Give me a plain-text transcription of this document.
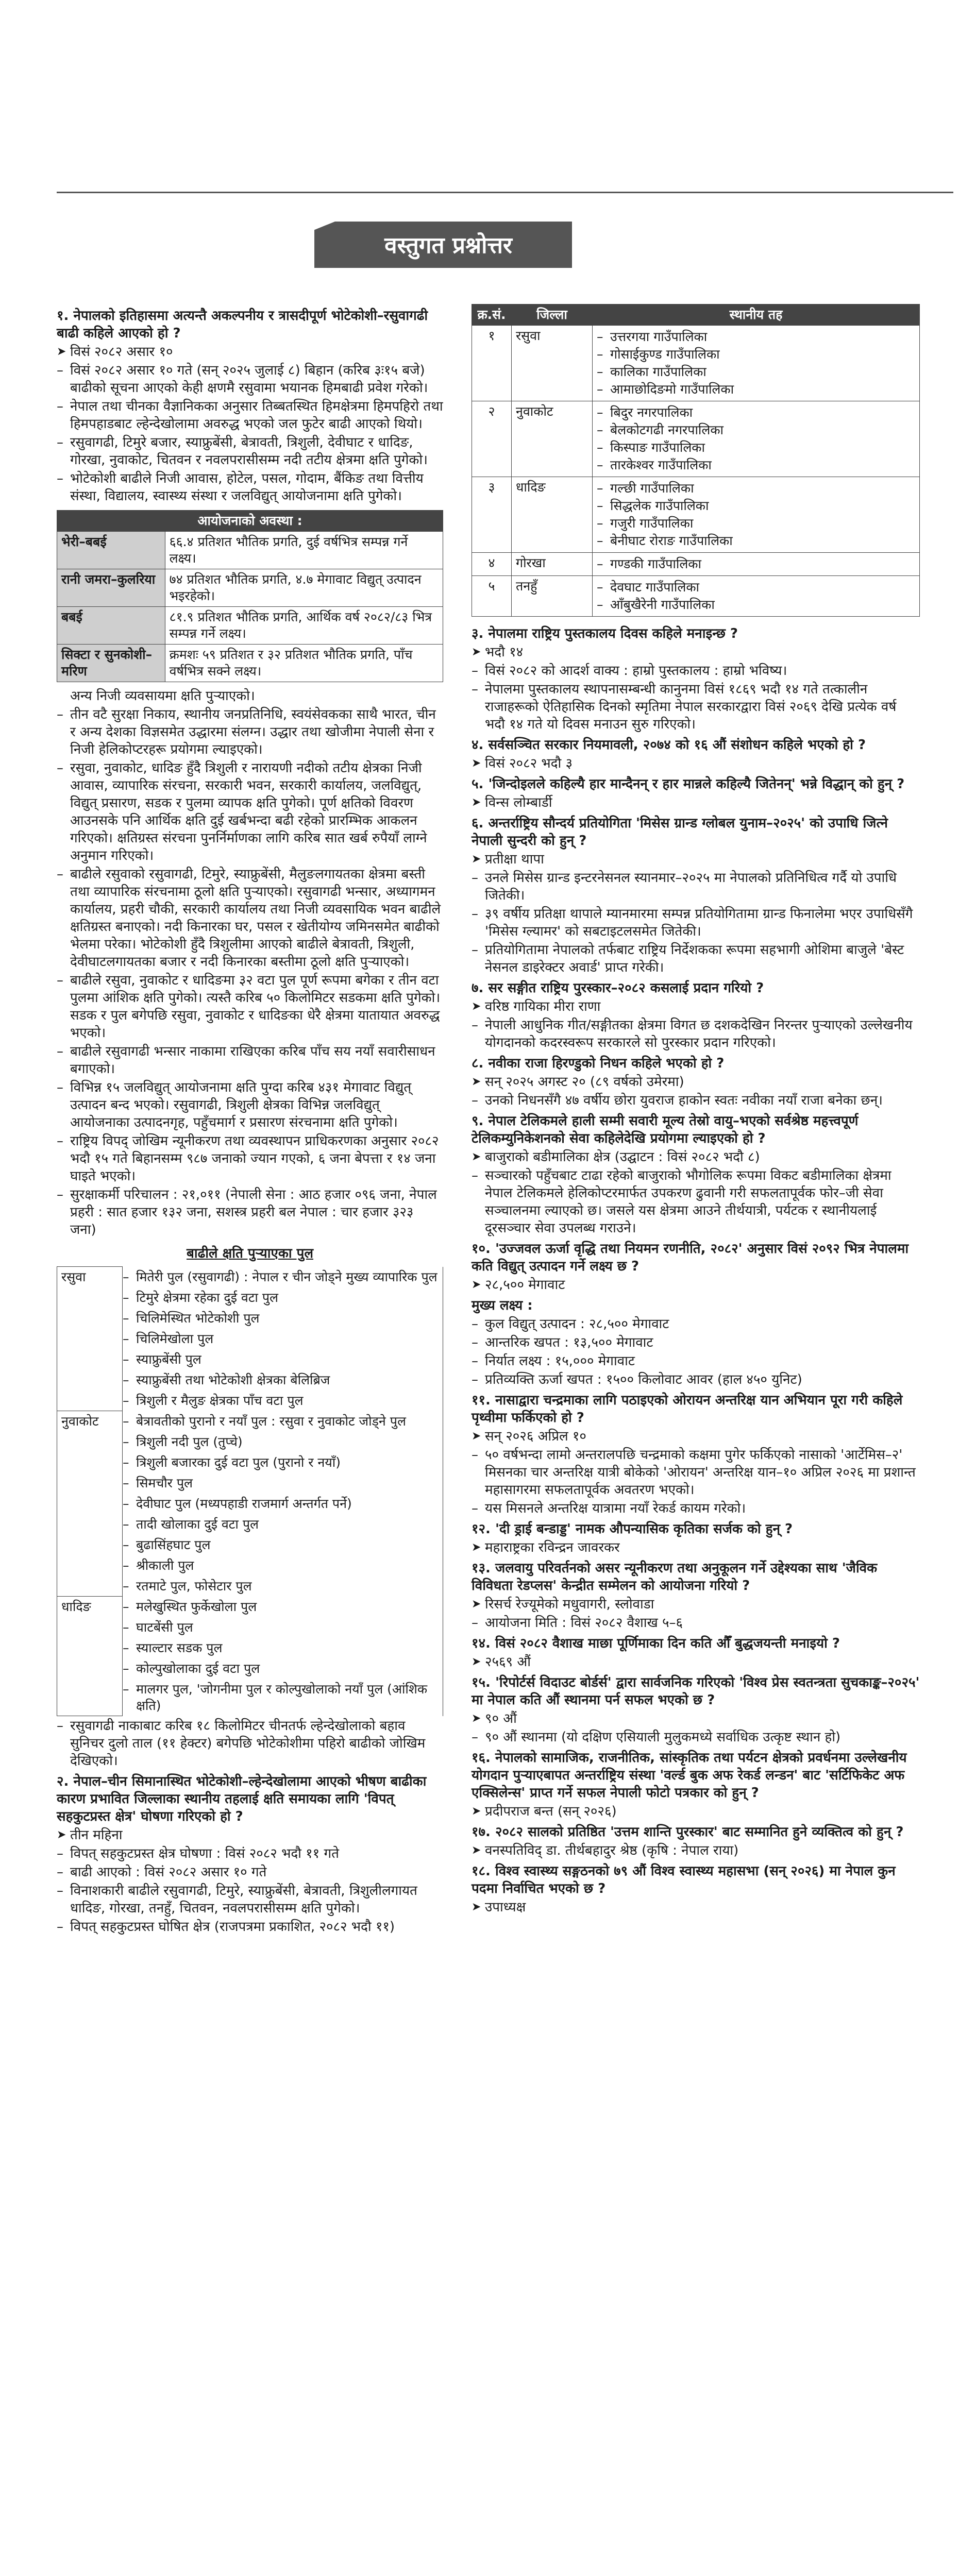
वस्तुगत प्रश्नोत्तर
१. नेपालको इतिहासमा अत्यन्तै अकल्पनीय र त्रासदीपूर्ण भोटेकोशी–रसुवागढी बाढी कहिले आएको हो ?
➤ विसं २०८२ असार १०
– विसं २०८२ असार १० गते (सन् २०२५ जुलाई ८) बिहान (करिब ३ः१५ बजे) बाढीको सूचना आएको केही क्षणमै रसुवामा भयानक हिमबाढी प्रवेश गरेको।
– नेपाल तथा चीनका वैज्ञानिकका अनुसार तिब्बतस्थित हिमक्षेत्रमा हिमपहिरो तथा हिमपहाडबाट ल्हेन्देखोलामा अवरुद्ध भएको जल फुटेर बाढी आएको थियो।
– रसुवागढी, टिमुरे बजार, स्याफ्रुबेंसी, बेत्रावती, त्रिशुली, देवीघाट र धादिङ, गोरखा, नुवाकोट, चितवन र नवलपरासीसम्म नदी तटीय क्षेत्रमा क्षति पुगेको।
– भोटेकोशी बाढीले निजी आवास, होटेल, पसल, गोदाम, बैंकिङ तथा वित्तीय संस्था, विद्यालय, स्वास्थ्य संस्था र जलविद्युत् आयोजनामा क्षति पुगेको।
आयोजनाको अवस्था :	
भेरी–बबई	६६.४ प्रतिशत भौतिक प्रगति, दुई वर्षभित्र सम्पन्न गर्ने लक्ष्य।
रानी जमरा–कुलरिया	७४ प्रतिशत भौतिक प्रगति, ४.७ मेगावाट विद्युत् उत्पादन भइरहेको।
बबई	८१.९ प्रतिशत भौतिक प्रगति, आर्थिक वर्ष २०८२/८३ भित्र सम्पन्न गर्ने लक्ष्य।
सिक्टा र सुनकोशी–मरिण	क्रमशः ५९ प्रतिशत र ३२ प्रतिशत भौतिक प्रगति, पाँच वर्षभित्र सक्ने लक्ष्य।
अन्य निजी व्यवसायमा क्षति पुऱ्याएको।
– तीन वटै सुरक्षा निकाय, स्थानीय जनप्रतिनिधि, स्वयंसेवकका साथै भारत, चीन र अन्य देशका विज्ञसमेत उद्धारमा संलग्न। उद्धार तथा खोजीमा नेपाली सेना र निजी हेलिकोप्टरहरू प्रयोगमा ल्याइएको।
– रसुवा, नुवाकोट, धादिङ हुँदै त्रिशुली र नारायणी नदीको तटीय क्षेत्रका निजी आवास, व्यापारिक संरचना, सरकारी भवन, सरकारी कार्यालय, जलविद्युत्, विद्युत् प्रसारण, सडक र पुलमा व्यापक क्षति पुगेको। पूर्ण क्षतिको विवरण आउनसके पनि आर्थिक क्षति दुई खर्बभन्दा बढी रहेको प्रारम्भिक आकलन गरिएको। क्षतिग्रस्त संरचना पुनर्निर्माणका लागि करिब सात खर्ब रुपैयाँ लाग्ने अनुमान गरिएको।
– बाढीले रसुवाको रसुवागढी, टिमुरे, स्याफ्रुबेंसी, मैलुङलगायतका क्षेत्रमा बस्ती तथा व्यापारिक संरचनामा ठूलो क्षति पुऱ्याएको। रसुवागढी भन्सार, अध्यागमन कार्यालय, प्रहरी चौकी, सरकारी कार्यालय तथा निजी व्यवसायिक भवन बाढीले क्षतिग्रस्त बनाएको। नदी किनारका घर, पसल र खेतीयोग्य जमिनसमेत बाढीको भेलमा परेका। भोटेकोशी हुँदै त्रिशुलीमा आएको बाढीले बेत्रावती, त्रिशुली, देवीघाटलगायतका बजार र नदी किनारका बस्तीमा ठूलो क्षति पुऱ्याएको।
– बाढीले रसुवा, नुवाकोट र धादिङमा ३२ वटा पुल पूर्ण रूपमा बगेका र तीन वटा पुलमा आंशिक क्षति पुगेको। त्यस्तै करिब ५० किलोमिटर सडकमा क्षति पुगेको। सडक र पुल बगेपछि रसुवा, नुवाकोट र धादिङका धेरै क्षेत्रमा यातायात अवरुद्ध भएको।
– बाढीले रसुवागढी भन्सार नाकामा राखिएका करिब पाँच सय नयाँ सवारीसाधन बगाएको।
– विभिन्न १५ जलविद्युत् आयोजनामा क्षति पुग्दा करिब ४३१ मेगावाट विद्युत् उत्पादन बन्द भएको। रसुवागढी, त्रिशुली क्षेत्रका विभिन्न जलविद्युत् आयोजनाका उत्पादनगृह, पहुँचमार्ग र प्रसारण संरचनामा क्षति पुगेको।
– राष्ट्रिय विपद् जोखिम न्यूनीकरण तथा व्यवस्थापन प्राधिकरणका अनुसार २०८२ भदौ १५ गते बिहानसम्म ९८७ जनाको ज्यान गएको, ६ जना बेपत्ता र १४ जना घाइते भएको।
– सुरक्षाकर्मी परिचालन : २१,०११ (नेपाली सेना : आठ हजार ०९६ जना, नेपाल प्रहरी : सात हजार १३२ जना, सशस्त्र प्रहरी बल नेपाल : चार हजार ३२३ जना)
बाढीले क्षति पुऱ्याएका पुल
रसुवा	– मितेरी पुल (रसुवागढी) : नेपाल र चीन जोड्ने मुख्य व्यापारिक पुल
	– टिमुरे क्षेत्रमा रहेका दुई वटा पुल
	– चिलिमेस्थित भोटेकोशी पुल
	– चिलिमेखोला पुल
	– स्याफ्रुबेंसी पुल
	– स्याफ्रुबेंसी तथा भोटेकोशी क्षेत्रका बेलिब्रिज
	– त्रिशुली र मैलुङ क्षेत्रका पाँच वटा पुल
नुवाकोट	– बेत्रावतीको पुरानो र नयाँ पुल : रसुवा र नुवाकोट जोड्ने पुल
	– त्रिशुली नदी पुल (तुप्चे)
	– त्रिशुली बजारका दुई वटा पुल (पुरानो र नयाँ)
	– सिमचौर पुल
	– देवीघाट पुल (मध्यपहाडी राजमार्ग अन्तर्गत पर्ने)
	– तादी खोलाका दुई वटा पुल
	– बुढासिंहघाट पुल
	– श्रीकाली पुल
	– रतमाटे पुल, फोसेटार पुल
धादिङ	– मलेखुस्थित फुर्केखोला पुल
	– घाटबेंसी पुल
	– स्याल्टार सडक पुल
	– कोल्पुखोलाका दुई वटा पुल
	– मालगर पुल, 'जोगनीमा पुल र कोल्पुखोलाको नयाँ पुल (आंशिक क्षति)
– रसुवागढी नाकाबाट करिब १८ किलोमिटर चीनतर्फ ल्हेन्देखोलाको बहाव सुनिचर दुलो ताल (११ हेक्टर) बगेपछि भोटेकोशीमा पहिरो बाढीको जोखिम देखिएको।
२. नेपाल–चीन सिमानास्थित भोटेकोशी–ल्हेन्देखोलामा आएको भीषण बाढीका कारण प्रभावित जिल्लाका स्थानीय तहलाई क्षति समायका लागि 'विपत् सहकुटप्रस्त क्षेत्र' घोषणा गरिएको हो ?
➤ तीन महिना
– विपत् सहकुटप्रस्त क्षेत्र घोषणा : विसं २०८२ भदौ ११ गते
– बाढी आएको : विसं २०८२ असार १० गते
– विनाशकारी बाढीले रसुवागढी, टिमुरे, स्याफ्रुबेंसी, बेत्रावती, त्रिशुलीलगायत धादिङ, गोरखा, तनहुँ, चितवन, नवलपरासीसम्म क्षति पुगेको।
– विपत् सहकुटप्रस्त घोषित क्षेत्र (राजपत्रमा प्रकाशित, २०८२ भदौ ११)
क्र.सं.	जिल्ला	स्थानीय तह
१	रसुवा	– उत्तरगया गाउँपालिका
– गोसाईकुण्ड गाउँपालिका
– कालिका गाउँपालिका
– आमाछोदिङमो गाउँपालिका

२	नुवाकोट	– बिदुर नगरपालिका
– बेलकोटगढी नगरपालिका
– किस्पाङ गाउँपालिका
– तारकेश्वर गाउँपालिका

३	धादिङ	– गल्छी गाउँपालिका
– सिद्धलेक गाउँपालिका
– गजुरी गाउँपालिका
– बेनीघाट रोराङ गाउँपालिका

४	गोरखा	– गण्डकी गाउँपालिका

५	तनहुँ	– देवघाट गाउँपालिका
– आँबुखैरेनी गाउँपालिका
३. नेपालमा राष्ट्रिय पुस्तकालय दिवस कहिले मनाइन्छ ?
➤ भदौ १४
– विसं २०८२ को आदर्श वाक्य : हाम्रो पुस्तकालय : हाम्रो भविष्य।
– नेपालमा पुस्तकालय स्थापनासम्बन्धी कानुनमा विसं १८६९ भदौ १४ गते तत्कालीन राजाहरूको ऐतिहासिक दिनको स्मृतिमा नेपाल सरकारद्वारा विसं २०६९ देखि प्रत्येक वर्ष भदौ १४ गते यो दिवस मनाउन सुरु गरिएको।
४. सर्वसञ्चित सरकार नियमावली, २०७४ को १६ औं संशोधन कहिले भएको हो ?
➤ विसं २०८२ भदौ ३
५. 'जिन्दोइलले कहिल्यै हार मान्दैनन् र हार मान्नले कहिल्यै जितेनन्' भन्ने विद्धान् को हुन् ?
➤ विन्स लोम्बार्डी
६. अन्तर्राष्ट्रिय सौन्दर्य प्रतियोगिता 'मिसेस ग्रान्ड ग्लोबल युनाम–२०२५' को उपाधि जित्ने नेपाली सुन्दरी को हुन् ?
➤ प्रतीक्षा थापा
– उनले मिसेस ग्रान्ड इन्टरनेसनल स्यानमार–२०२५ मा नेपालको प्रतिनिधित्व गर्दै यो उपाधि जितेकी।
– ३९ वर्षीय प्रतिक्षा थापाले म्यानमारमा सम्पन्न प्रतियोगितामा ग्रान्ड फिनालेमा भएर उपाधिसँगै 'मिसेस ग्ल्यामर' को सबटाइटलसमेत जितेकी।
– प्रतियोगितामा नेपालको तर्फबाट राष्ट्रिय निर्देशकका रूपमा सहभागी ओशिमा बाजुले 'बेस्ट नेसनल डाइरेक्टर अवार्ड' प्राप्त गरेकी।
७. सर सङ्गीत राष्ट्रिय पुरस्कार–२०८२ कसलाई प्रदान गरियो ?
➤ वरिष्ठ गायिका मीरा राणा
– नेपाली आधुनिक गीत/सङ्गीतका क्षेत्रमा विगत छ दशकदेखिन निरन्तर पुऱ्याएको उल्लेखनीय योगदानको कदरस्वरूप सरकारले सो पुरस्कार प्रदान गरिएको।
८. नवीका राजा हिरण्डुको निधन कहिले भएको हो ?
➤ सन् २०२५ अगस्ट २० (८९ वर्षको उमेरमा)
– उनको निधनसँगै ४७ वर्षीय छोरा युवराज हाकोन स्वतः नवीका नयाँ राजा बनेका छन्।
९. नेपाल टेलिकमले हाली सम्मी सवारी मूल्य तेस्रो वायु–भएको सर्वश्रेष्ठ महत्त्वपूर्ण टेलिकम्युनिकेशनको सेवा कहिलेदेखि प्रयोगमा ल्याइएको हो ?
➤ बाजुराको बडीमालिका क्षेत्र (उद्घाटन : विसं २०८२ भदौ ८)
– सञ्चारको पहुँचबाट टाढा रहेको बाजुराको भौगोलिक रूपमा विकट बडीमालिका क्षेत्रमा नेपाल टेलिकमले हेलिकोप्टरमार्फत उपकरण ढुवानी गरी सफलतापूर्वक फोर–जी सेवा सञ्चालनमा ल्याएको छ। जसले यस क्षेत्रमा आउने तीर्थयात्री, पर्यटक र स्थानीयलाई दूरसञ्चार सेवा उपलब्ध गराउने।
१०. 'उज्जवल ऊर्जा वृद्धि तथा नियमन रणनीति, २०८२' अनुसार विसं २०९२ भित्र नेपालमा कति विद्युत् उत्पादन गर्ने लक्ष्य छ ?
➤ २८,५०० मेगावाट
मुख्य लक्ष्य :
– कुल विद्युत् उत्पादन : २८,५०० मेगावाट
– आन्तरिक खपत : १३,५०० मेगावाट
– निर्यात लक्ष्य : १५,००० मेगावाट
– प्रतिव्यक्ति ऊर्जा खपत : १५०० किलोवाट आवर (हाल ४५० युनिट)
११. नासाद्वारा चन्द्रमाका लागि पठाइएको ओरायन अन्तरिक्ष यान अभियान पूरा गरी कहिले पृथ्वीमा फर्किएको हो ?
➤ सन् २०२६ अप्रिल १०
– ५० वर्षभन्दा लामो अन्तरालपछि चन्द्रमाको कक्षमा पुगेर फर्किएको नासाको 'आर्टेमिस–२' मिसनका चार अन्तरिक्ष यात्री बोकेको 'ओरायन' अन्तरिक्ष यान–१० अप्रिल २०२६ मा प्रशान्त महासागरमा सफलतापूर्वक अवतरण भएको।
– यस मिसनले अन्तरिक्ष यात्रामा नयाँ रेकर्ड कायम गरेको।
१२. 'दी ड्राई बन्डाड्ड' नामक औपन्यासिक कृतिका सर्जक को हुन् ?
➤ महाराष्ट्रका रविन्द्रन जावरकर
१३. जलवायु परिवर्तनको असर न्यूनीकरण तथा अनुकूलन गर्ने उद्देश्यका साथ 'जैविक विविधता रेडप्लस' केन्द्रीत सम्मेलन को आयोजना गरियो ?
➤ रिसर्च रेज्यूमेको मधुवागरी, स्लोवाडा
– आयोजना मिति : विसं २०८२ वैशाख ५–६
१४. विसं २०८२ वैशाख माछा पूर्णिमाका दिन कति औँ बुद्धजयन्ती मनाइयो ?
➤ २५६९ औं
१५. 'रिपोर्टर्स विदाउट बोर्डर्स' द्वारा सार्वजनिक गरिएको 'विश्व प्रेस स्वतन्त्रता सुचकाङ्क–२०२५' मा नेपाल कति औं स्थानमा पर्न सफल भएको छ ?
➤ ९० औं
– ९० औं स्थानमा (यो दक्षिण एसियाली मुलुकमध्ये सर्वाधिक उत्कृष्ट स्थान हो)
१६. नेपालको सामाजिक, राजनीतिक, सांस्कृतिक तथा पर्यटन क्षेत्रको प्रवर्धनमा उल्लेखनीय योगदान पुऱ्याएबापत अन्तर्राष्ट्रिय संस्था 'वर्ल्ड बुक अफ रेकर्ड लन्डन' बाट 'सर्टिफिकेट अफ एक्सिलेन्स' प्राप्त गर्ने सफल नेपाली फोटो पत्रकार को हुन् ?
➤ प्रदीपराज बन्त (सन् २०२६)
१७. २०८२ सालको प्रतिष्ठित 'उत्तम शान्ति पुरस्कार' बाट सम्मानित हुने व्यक्तित्व को हुन् ?
➤ वनस्पतिविद् डा. तीर्थबहादुर श्रेष्ठ (कृषि : नेपाल राया)
१८. विश्व स्वास्थ्य सङ्गठनको ७९ औं विश्व स्वास्थ्य महासभा (सन् २०२६) मा नेपाल कुन पदमा निर्वाचित भएको छ ?
➤ उपाध्यक्ष
